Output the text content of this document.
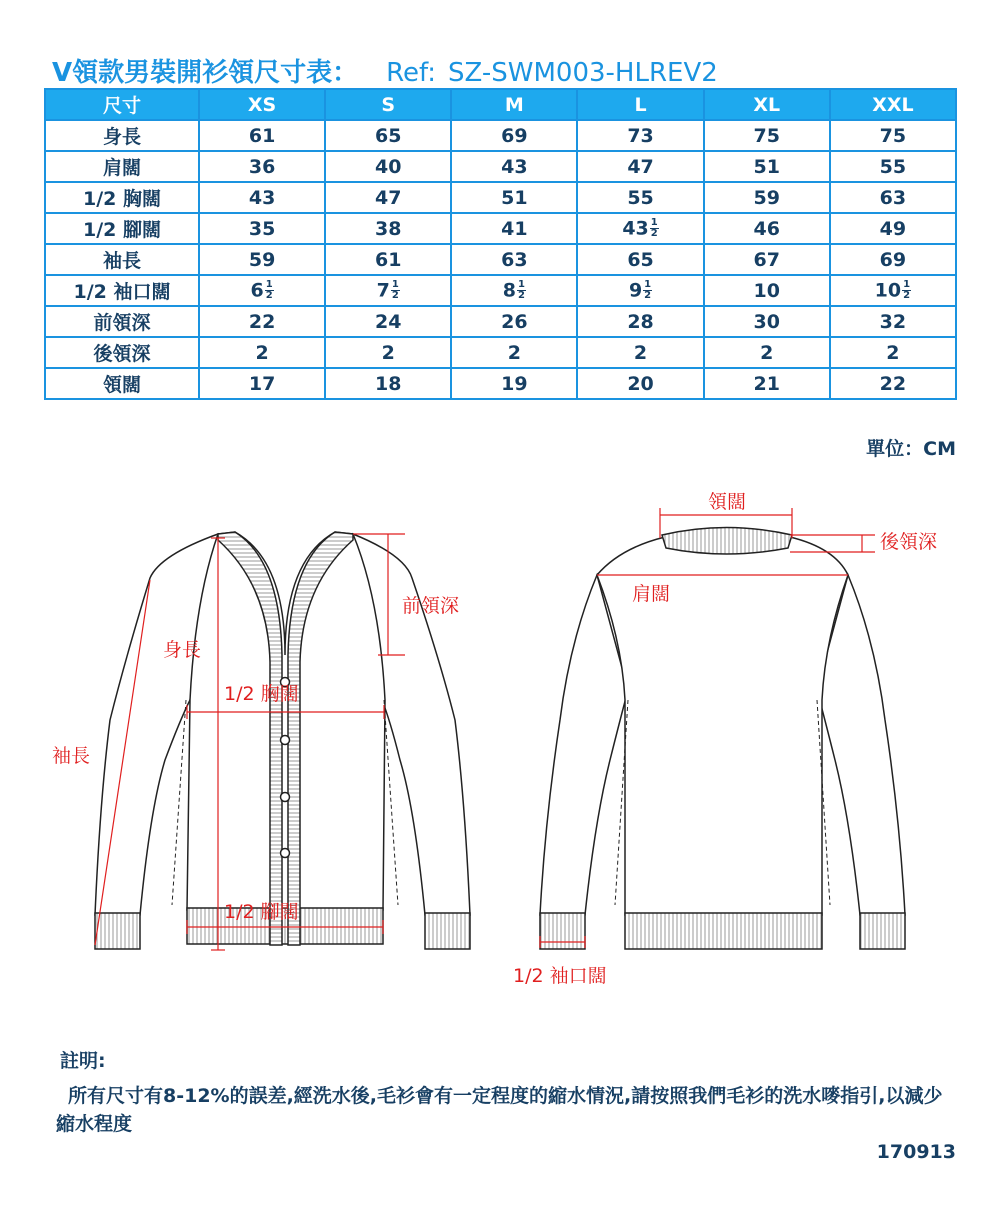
V領款男裝開衫領尺寸表： Ref: SZ-SWM003-HLREV2
尺寸	XS	S	M	L	XL	XXL
身長	61	65	69	73	75	75
肩闊	36	40	43	47	51	55
1/2 胸闊	43	47	51	55	59	63
1/2 腳闊	35	38	41	$43 \frac{1}{2}$	46	49
袖長	59	61	63	65	67	69
1/2 袖口闊	$6 \frac{1}{2}$	$7 \frac{1}{2}$	$8 \frac{1}{2}$	$9 \frac{1}{2}$	10	$10 \frac{1}{2}$

前領深	22	24	26	28	30	32
後領深	2	2	2	2	2	2
領闊	17	18	19	20	21	22
單位：CM
身長
袖長
1/2 胸闊
1/2 腳闊
前領深
領闊
後領深
肩闊
1/2 袖口闊
註明:
所有尺寸有8-12%的誤差,經洗水後,毛衫會有一定程度的縮水情況,請按照我們毛衫的洗水嘜指引,以減少縮水程度
170913
